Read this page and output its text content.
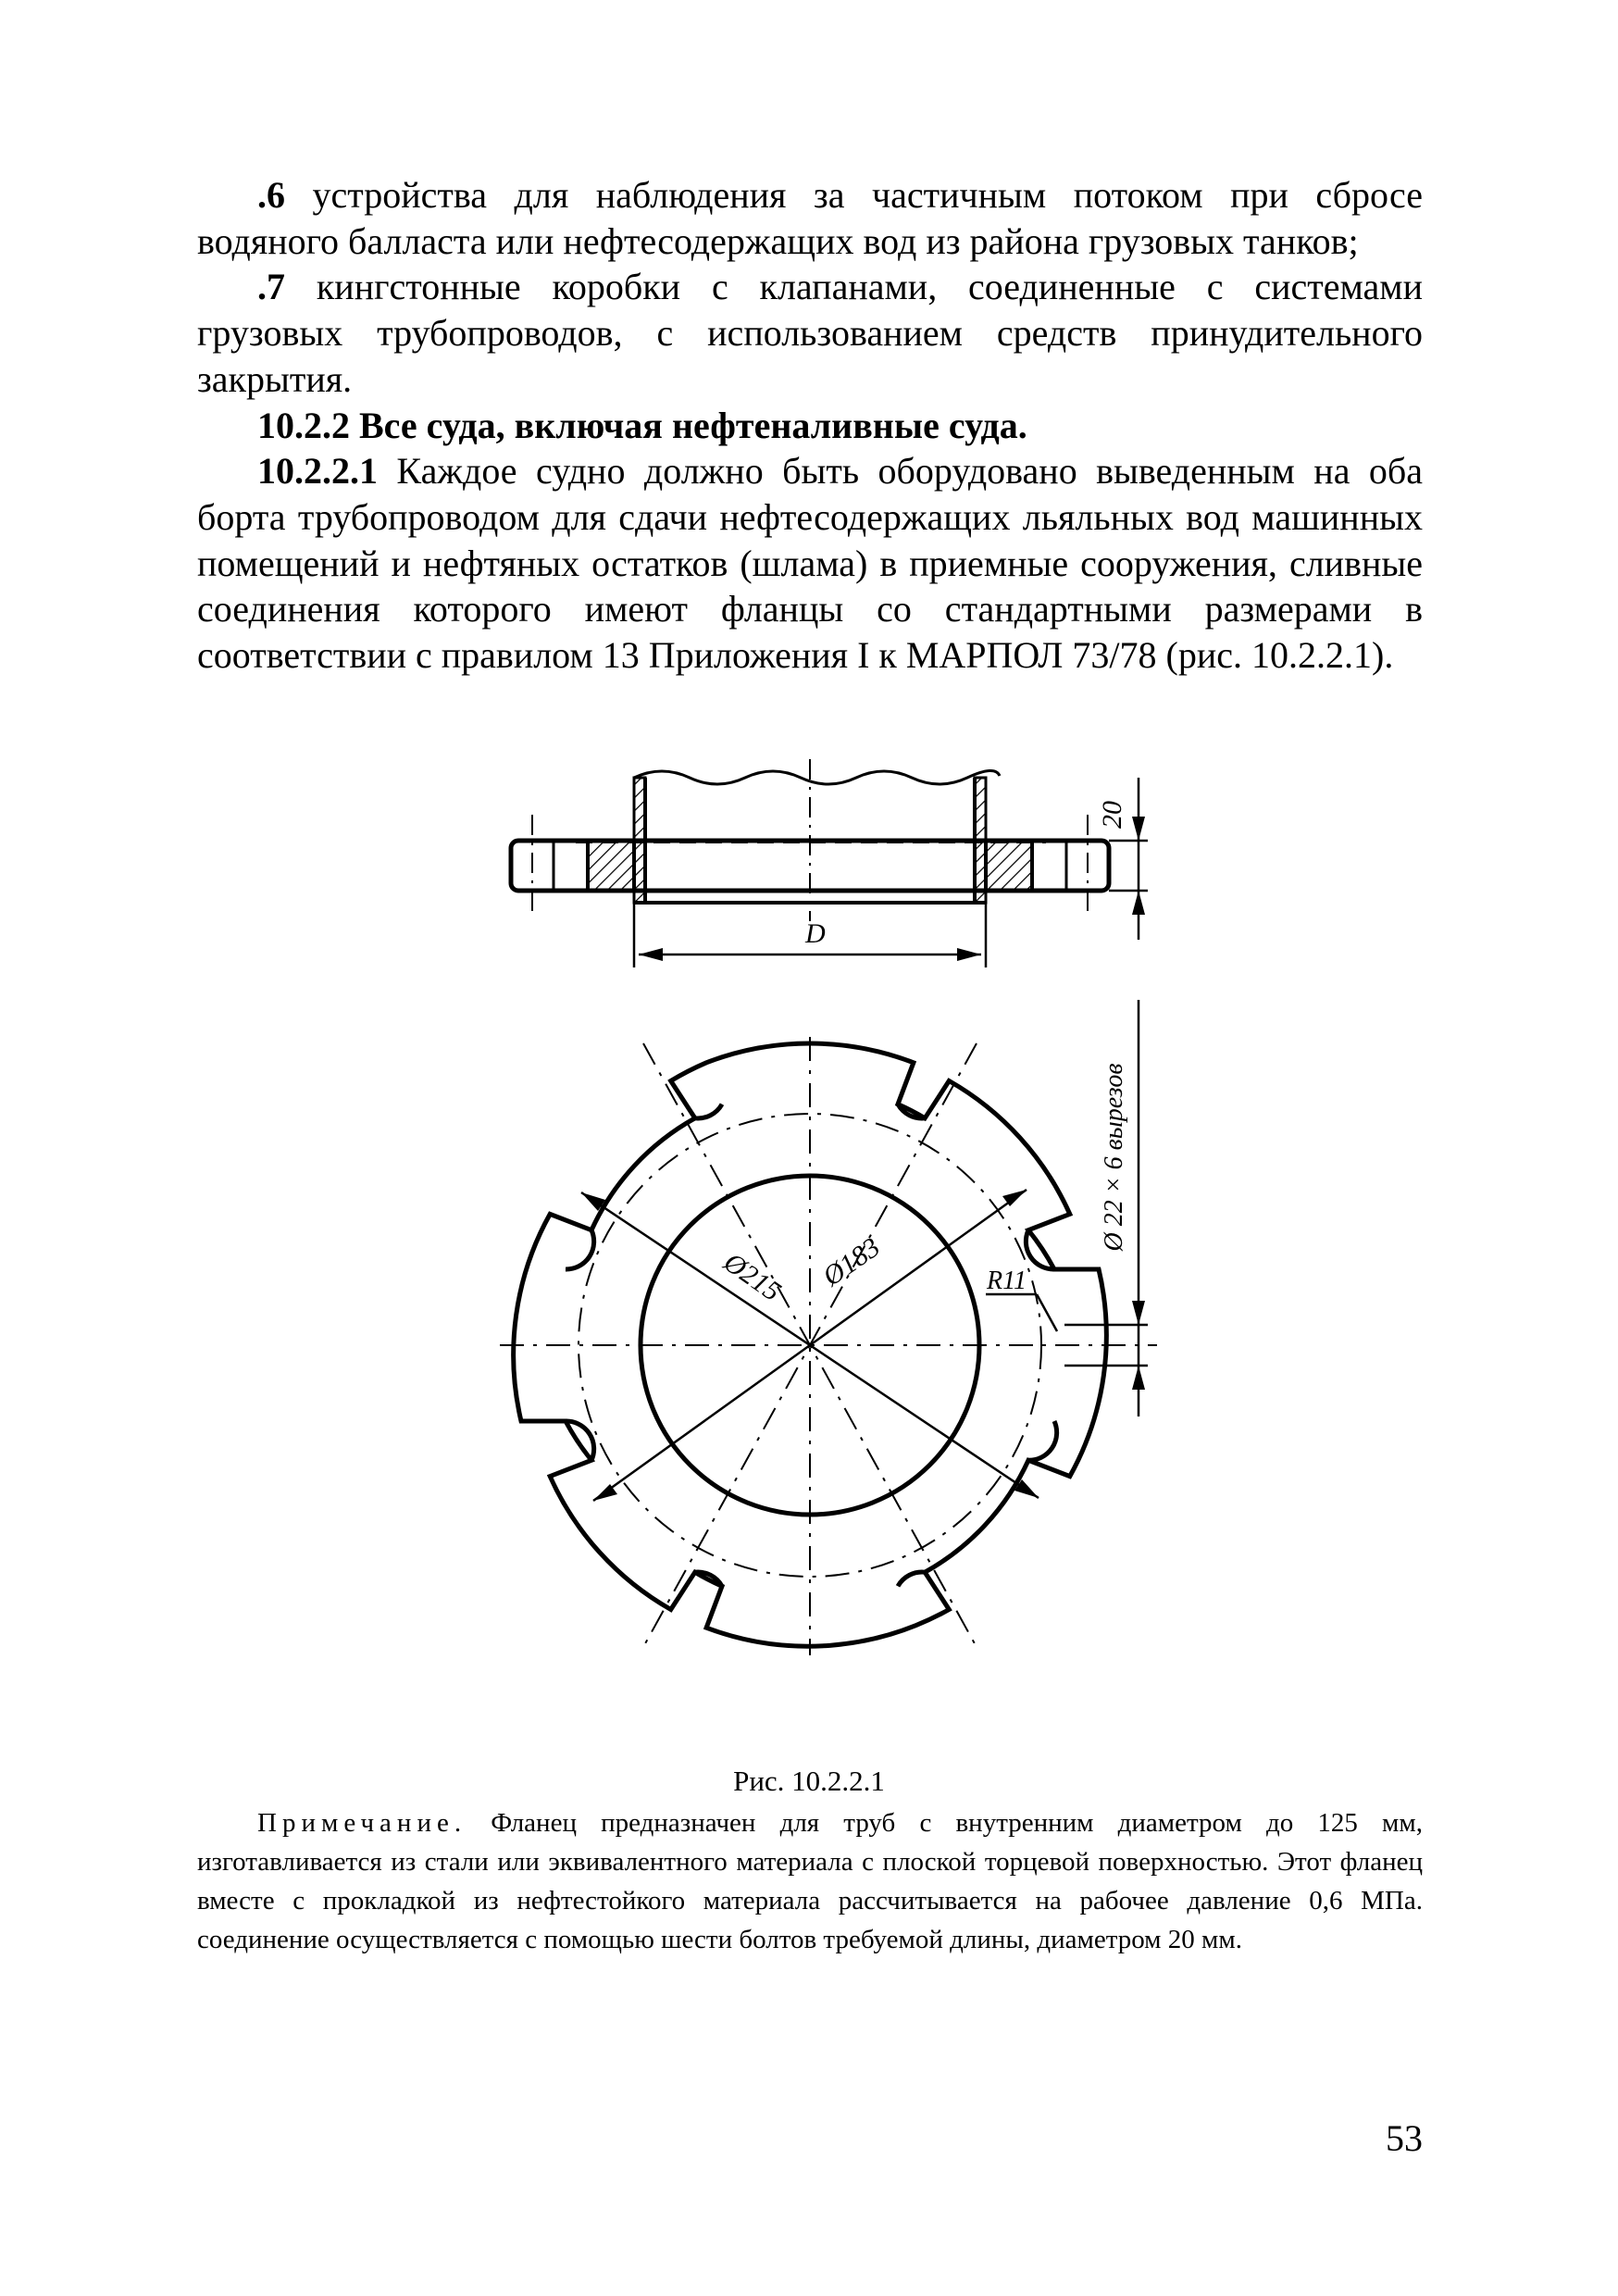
.6 устройства для наблюдения за частичным потоком при сбросе водяного балласта или нефтесодержащих вод из района грузовых танков;

.7 кингстонные коробки с клапанами, соединенные с системами грузовых трубопроводов, с использованием средств принудительного закрытия.

10.2.2 Все суда, включая нефтеналивные суда.

10.2.2.1 Каждое судно должно быть оборудовано выведенным на оба борта трубопроводом для сдачи нефтесодержащих льяльных вод машинных помещений и нефтяных остатков (шлама) в приемные сооружения, сливные соединения которого имеют фланцы со стандартными размерами в соответствии с правилом 13 Приложения I к МАРПОЛ 73/78 (рис. 10.2.2.1).

D
20
Ø215 Ø183	R11
Ø 22 × 6 вырезов
Рис. 10.2.2.1
Примечание. Фланец предназначен для труб с внутренним диаметром до 125 мм, изготавливается из стали или эквивалентного материала с плоской торцевой поверхностью. Этот фланец вместе с прокладкой из нефтестойкого материала рассчитывается на рабочее давление 0,6 МПа. соединение осуществляется с помощью шести болтов требуемой длины, диаметром 20 мм.
53
